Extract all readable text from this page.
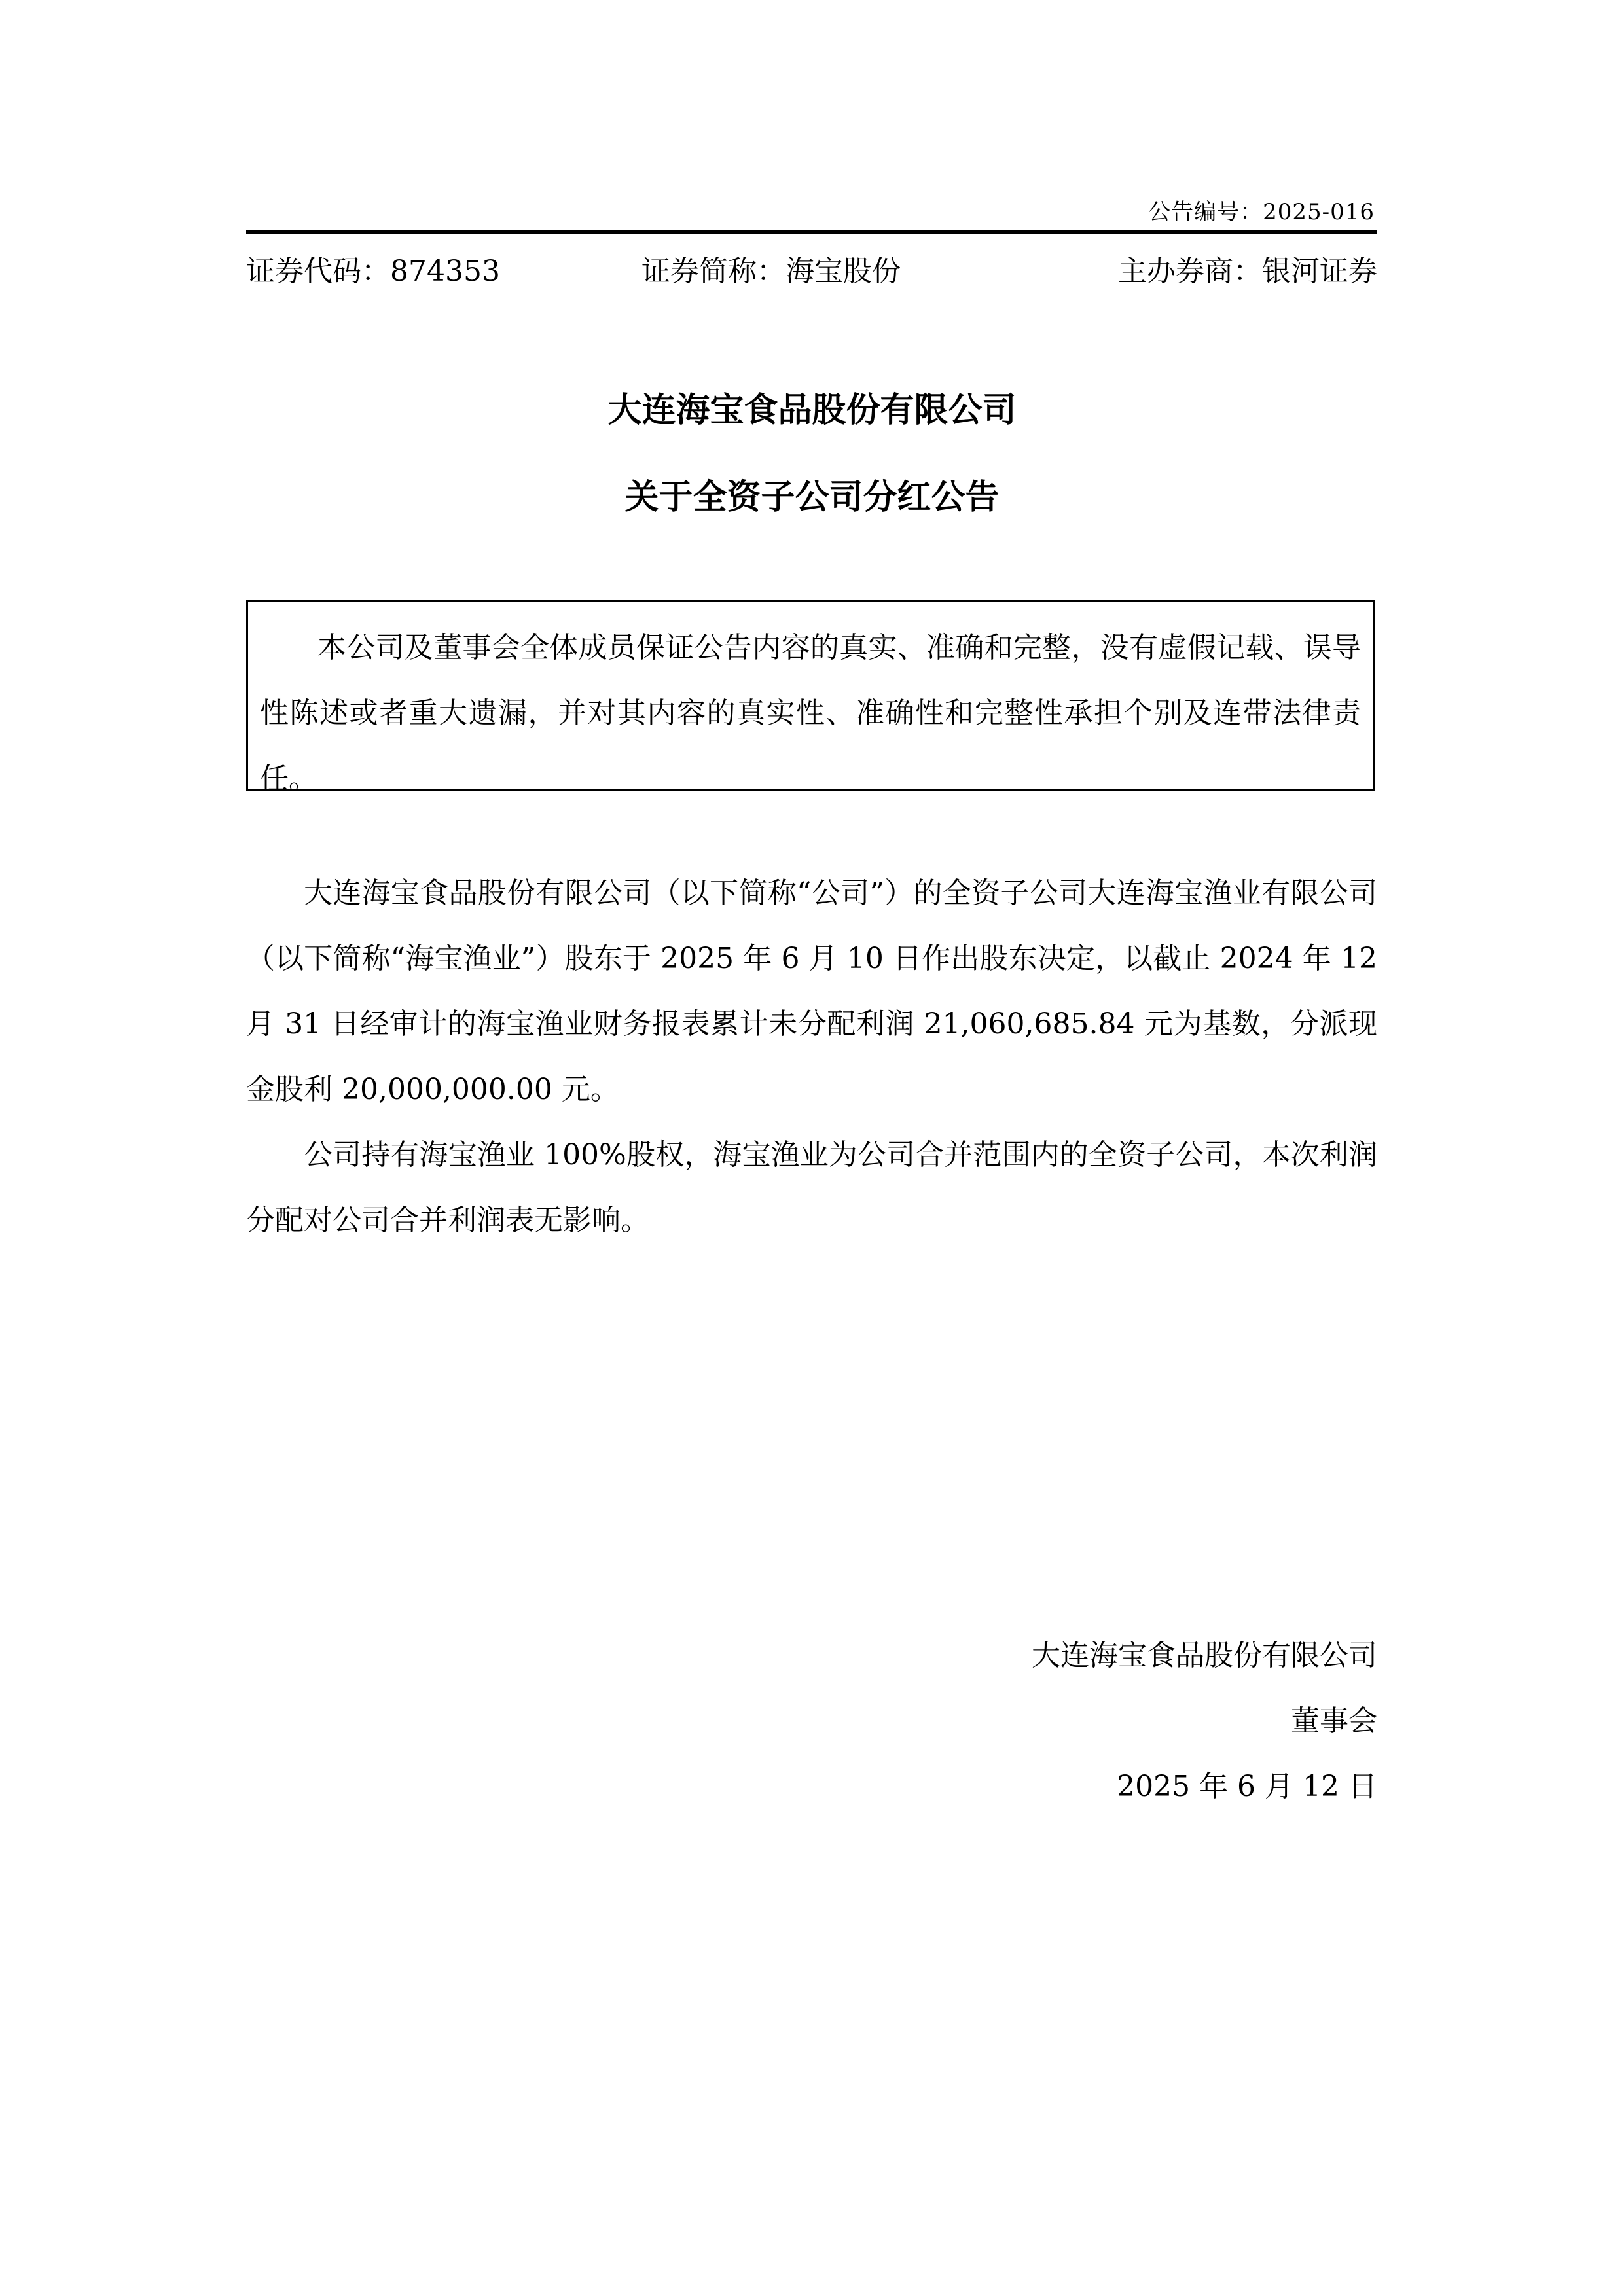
公告编号：2025-016
证券代码：874353	证券简称：海宝股份	主办券商：银河证券
大连海宝食品股份有限公司
关于全资子公司分红公告

本公司及董事会全体成员保证公告内容的真实、准确和完整，没有虚假记载、误导性陈述或者重大遗漏，并对其内容的真实性、准确性和完整性承担个别及连带法律责任。

大连海宝食品股份有限公司（以下简称“公司”）的全资子公司大连海宝渔业有限公司（以下简称“海宝渔业”）股东于 2025 年 6 月 10 日作出股东决定，以截止 2024 年 12 月 31 日经审计的海宝渔业财务报表累计未分配利润 21,060,685.84 元为基数，分派现金股利 20,000,000.00 元。

公司持有海宝渔业 100%股权，海宝渔业为公司合并范围内的全资子公司，本次利润分配对公司合并利润表无影响。

大连海宝食品股份有限公司
董事会
2025 年 6 月 12 日
